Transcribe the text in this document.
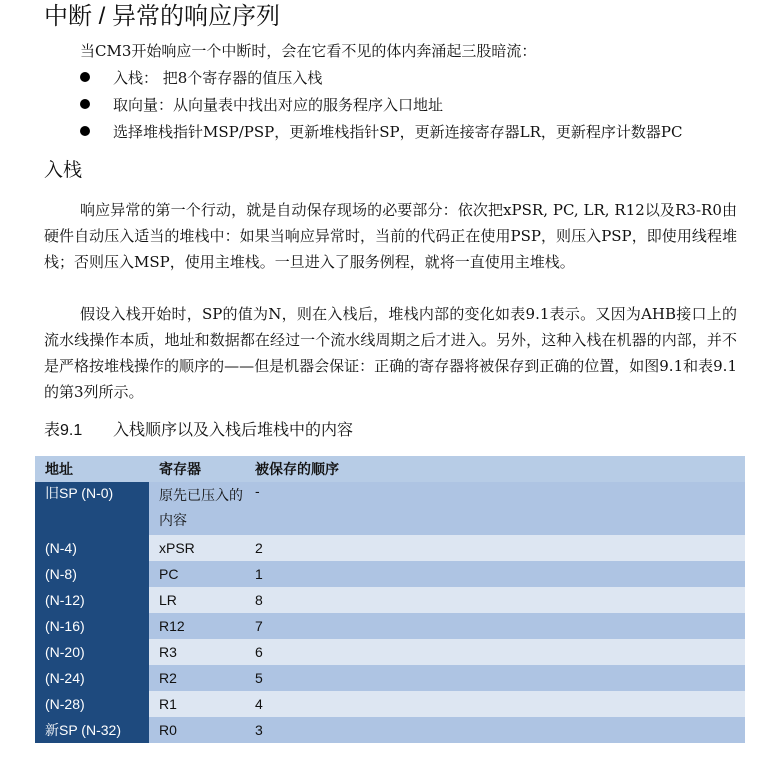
中断 / 异常的响应序列
当CM3开始响应一个中断时，会在它看不见的体内奔涌起三股暗流：
入栈： 把8个寄存器的值压入栈
取向量：从向量表中找出对应的服务程序入口地址
选择堆栈指针MSP/PSP，更新堆栈指针SP，更新连接寄存器LR，更新程序计数器PC
入栈

响应异常的第一个行动，就是自动保存现场的必要部分：依次把xPSR, PC, LR, R12以及R3-R0由硬件自动压入适当的堆栈中：如果当响应异常时，当前的代码正在使用PSP，则压入PSP，即使用线程堆栈；否则压入MSP，使用主堆栈。一旦进入了服务例程，就将一直使用主堆栈。

假设入栈开始时，SP的值为N，则在入栈后，堆栈内部的变化如表9.1表示。又因为AHB接口上的流水线操作本质，地址和数据都在经过一个流水线周期之后才进入。另外，这种入栈在机器的内部，并不是严格按堆栈操作的顺序的——但是机器会保证：正确的寄存器将被保存到正确的位置，如图9.1和表9.1的第3列所示。

表9.1 入栈顺序以及入栈后堆栈中的内容
地址	寄存器	被保存的顺序
旧SP (N-0)	原先已压入的内容	-
(N-4)	xPSR	2
(N-8)	PC	1
(N-12)	LR	8
(N-16)	R12	7
(N-20)	R3	6
(N-24)	R2	5
(N-28)	R1	4
新SP (N-32)	R0	3
